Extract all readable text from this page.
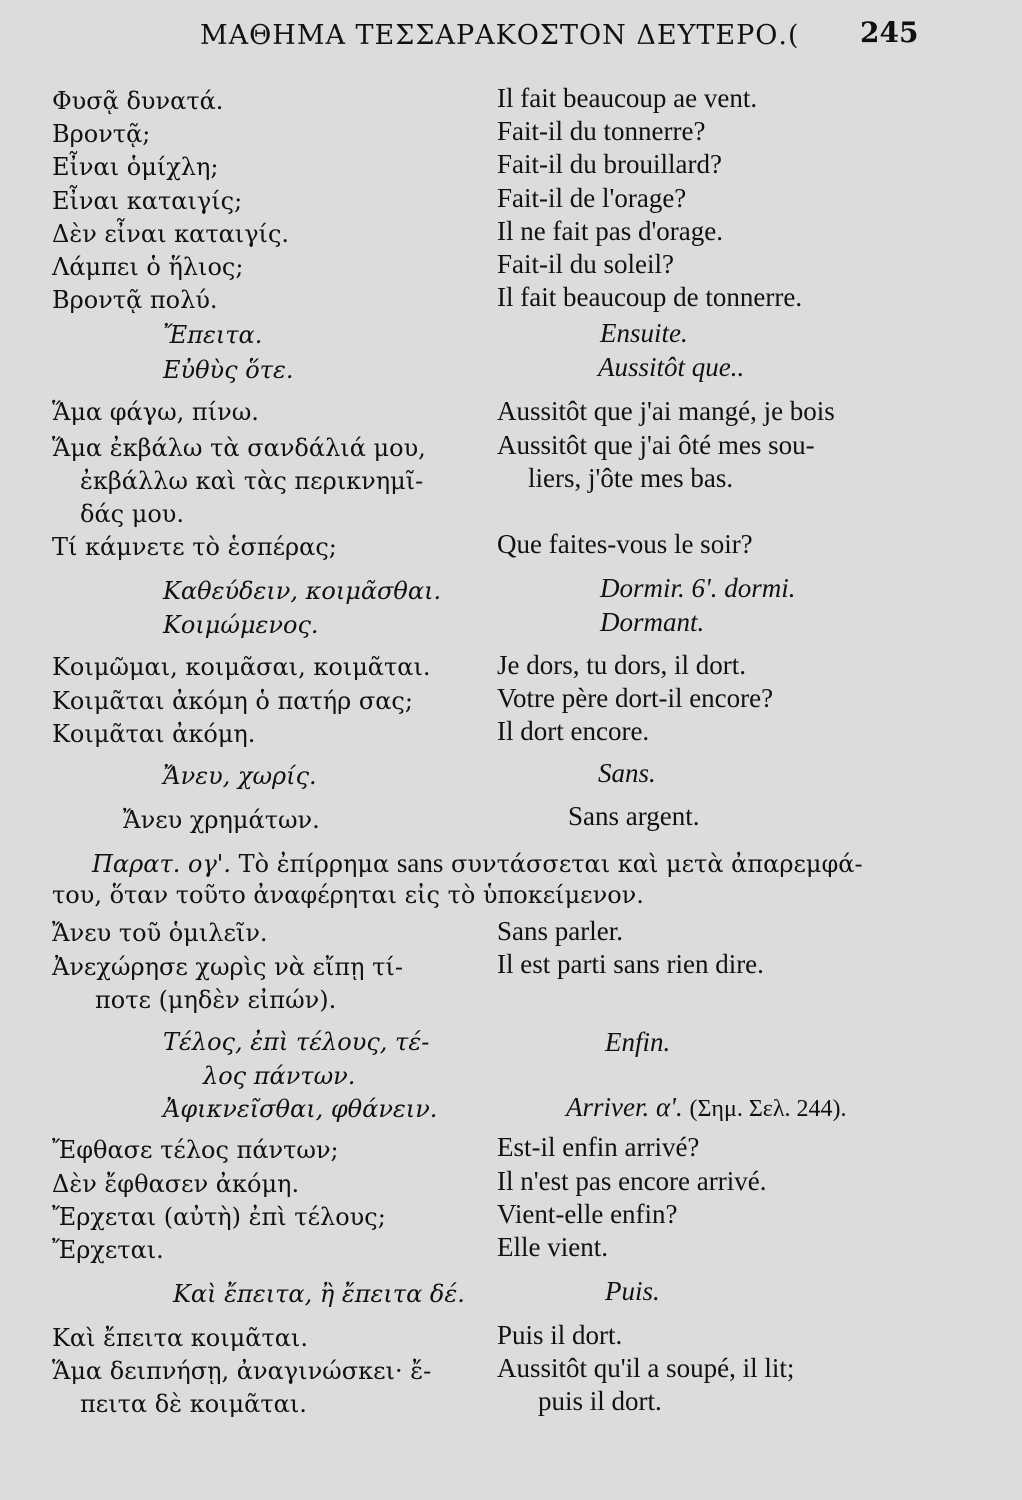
ΜΑΘΗΜΑ ΤΕΣΣΑΡΑΚΟΣΤΟΝ ΔΕΥΤΕΡΟ.( 245
Φυσᾷ δυνατά.
Βροντᾷ;
Εἶναι ὁμίχλη;
Εἶναι καταιγίς;
Δὲν εἶναι καταιγίς.
Λάμπει ὁ ἥλιος;
Βροντᾷ πολύ.
Ἔπειτα.
Εὐθὺς ὅτε.
Ἅμα φάγω, πίνω.
Ἅμα ἐκβάλω τὰ σανδάλιά μου,
ἐκβάλλω καὶ τὰς περικνημῖ-
δάς μου.
Τί κάμνετε τὸ ἑσπέρας;
Καθεύδειν, κοιμᾶσθαι.
Κοιμώμενος.
Κοιμῶμαι, κοιμᾶσαι, κοιμᾶται.
Κοιμᾶται ἀκόμη ὁ πατήρ σας;
Κοιμᾶται ἀκόμη.
Ἄνευ, χωρίς.
Ἄνευ χρημάτων.
Παρατ. ογ'. Τὸ ἐπίρρημα sans συντάσσεται καὶ μετὰ ἀπαρεμφά-
του, ὅταν τοῦτο ἀναφέρηται εἰς τὸ ὑποκείμενον.
Ἄνευ τοῦ ὁμιλεῖν.
Ἀνεχώρησε χωρὶς νὰ εἴπῃ τί-
ποτε (μηδὲν εἰπών).
Τέλος, ἐπὶ τέλους, τέ-
λος πάντων.
Ἀφικνεῖσθαι, φθάνειν.
Ἔφθασε τέλος πάντων;
Δὲν ἔφθασεν ἀκόμη.
Ἔρχεται (αὐτὴ) ἐπὶ τέλους;
Ἔρχεται.
Καὶ ἔπειτα, ἢ ἔπειτα δέ.
Καὶ ἔπειτα κοιμᾶται.
Ἅμα δειπνήσῃ, ἀναγινώσκει· ἔ-
πειτα δὲ κοιμᾶται.
Il fait beaucoup ae vent.
Fait-il du tonnerre?
Fait-il du brouillard?
Fait-il de l'orage?
Il ne fait pas d'orage.
Fait-il du soleil?
Il fait beaucoup de tonnerre.
Ensuite.
Aussitôt que..
Aussitôt que j'ai mangé, je bois
Aussitôt que j'ai ôté mes sou-
liers, j'ôte mes bas.
Que faites-vous le soir?
Dormir. 6'. dormi.
Dormant.
Je dors, tu dors, il dort.
Votre père dort-il encore?
Il dort encore.
Sans.
Sans argent.
Sans parler.
Il est parti sans rien dire.
Enfin.
Arriver. α'. (Σημ. Σελ. 244).
Est-il enfin arrivé?
Il n'est pas encore arrivé.
Vient-elle enfin?
Elle vient.
Puis.
Puis il dort.
Aussitôt qu'il a soupé, il lit;
puis il dort.
